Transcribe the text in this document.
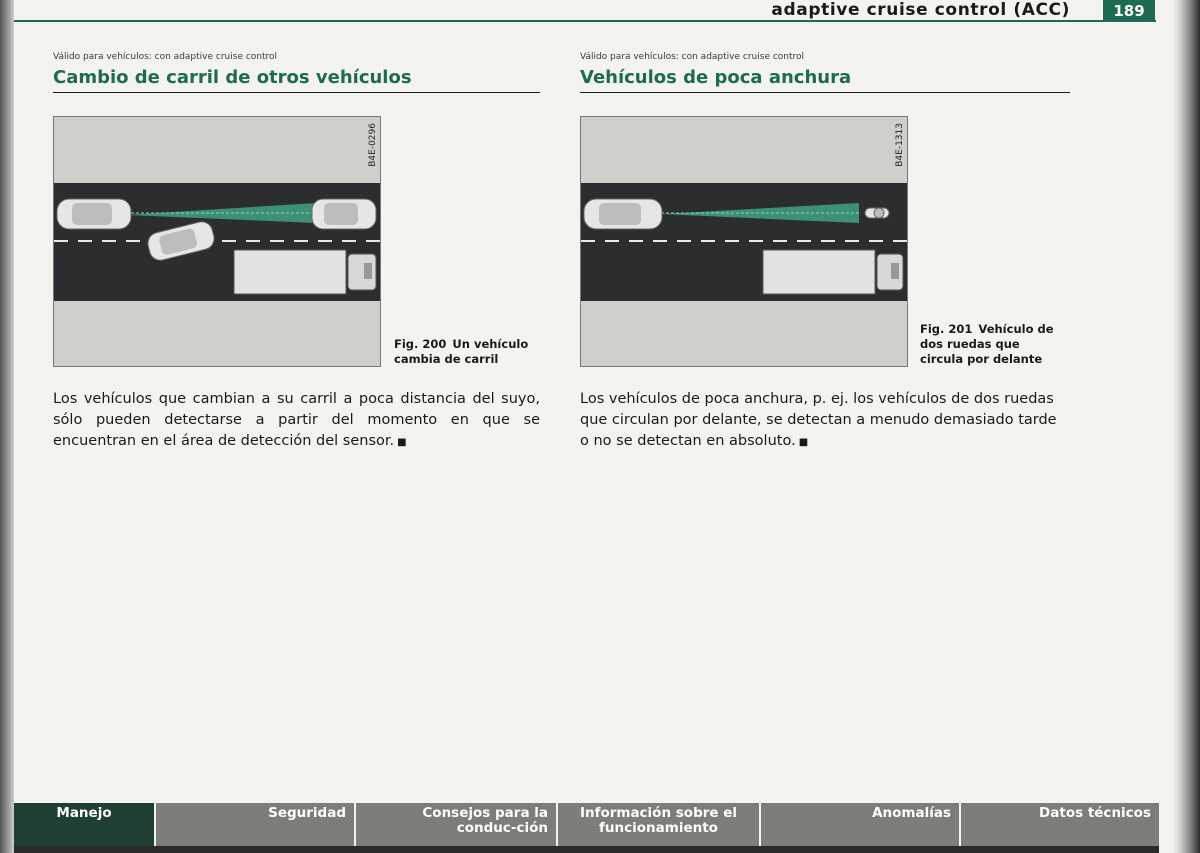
adaptive cruise control (ACC)	189
Válido para vehículos: con adaptive cruise control
Cambio de carril de otros vehículos
B4E-0296
Fig. 200 Un vehículo cambia de carril
Los vehículos que cambian a su carril a poca distancia del suyo, sólo pueden detectarse a partir del momento en que se encuentran en el área de detección del sensor. ■
Válido para vehículos: con adaptive cruise control
Vehículos de poca anchura
B4E-1313
Fig. 201 Vehículo de dos ruedas que circula por delante
Los vehículos de poca anchura, p. ej. los vehículos de dos ruedas que circulan por delante, se detectan a menudo demasiado tarde o no se detectan en absoluto. ■
Manejo	Seguridad	Consejos para la conduc-ción
Información sobre el funcionamiento
Anomalías	Datos técnicos
